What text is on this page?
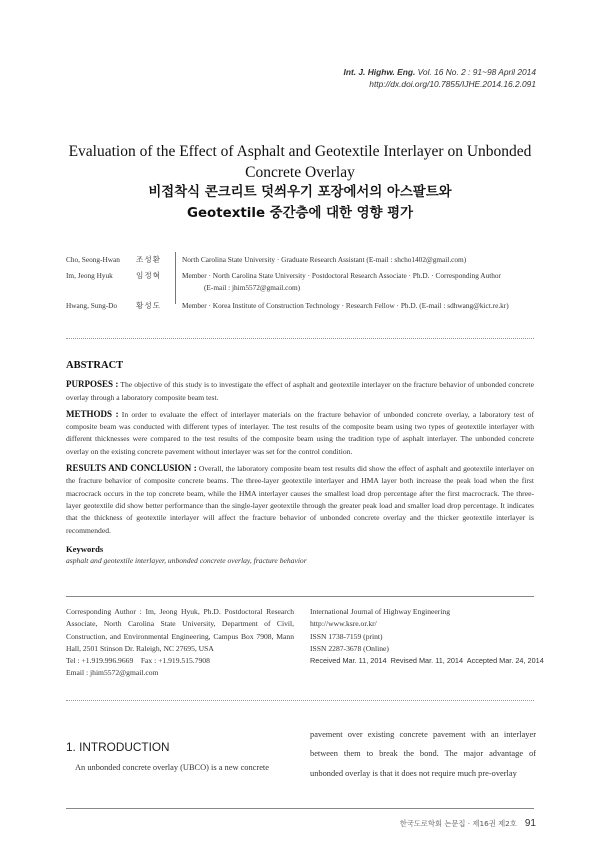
Int. J. Highw. Eng. Vol. 16 No. 2 : 91~98 April 2014
http://dx.doi.org/10.7855/IJHE.2014.16.2.091
Evaluation of the Effect of Asphalt and Geotextile Interlayer on Unbonded Concrete Overlay
비접착식 콘크리트 덧씌우기 포장에서의 아스팔트와
Geotextile 중간층에 대한 영향 평가
Cho, Seong-Hwan	조성환	North Carolina State University · Graduate Research Assistant (E-mail : shcho1402@gmail.com)
Im, Jeong Hyuk	임정혁	Member · North Carolina State University · Postdoctoral Research Associate · Ph.D. · Corresponding Author
(E-mail : jhim5572@gmail.com)
Hwang, Sung-Do	황성도	Member · Korea Institute of Construction Technology · Research Fellow · Ph.D. (E-mail : sdhwang@kict.re.kr)
ABSTRACT

PURPOSES : The objective of this study is to investigate the effect of asphalt and geotextile interlayer on the fracture behavior of unbonded concrete overlay through a laboratory composite beam test.

METHODS : In order to evaluate the effect of interlayer materials on the fracture behavior of unbonded concrete overlay, a laboratory test of composite beam was conducted with different types of interlayer. The test results of the composite beam using two types of geotextile interlayer with different thicknesses were compared to the test results of the composite beam using the tradition type of asphalt interlayer. The unbonded concrete overlay on the existing concrete pavement without interlayer was set for the control condition.

RESULTS AND CONCLUSION : Overall, the laboratory composite beam test results did show the effect of asphalt and geotextile interlayer on the fracture behavior of composite concrete beams. The three-layer geotextile interlayer and HMA layer both increase the peak load when the first macrocrack occurs in the top concrete beam, while the HMA interlayer causes the smallest load drop percentage after the first macrocrack. The three-layer geotextile did show better performance than the single-layer geotextile through the greater peak load and smaller load drop percentage. It indicates that the thickness of geotextile interlayer will affect the fracture behavior of unbonded concrete overlay and the thicker geotextile interlayer is recommended.

Keywords

asphalt and geotextile interlayer, unbonded concrete overlay, fracture behavior

Corresponding Author : Im, Jeong Hyuk, Ph.D. Postdoctoral Research Associate, North Carolina State University, Department of Civil, Construction, and Environmental Engineering, Campus Box 7908, Mann Hall, 2501 Stinson Dr. Raleigh, NC 27695, USA
Tel : +1.919.996.9669    Fax : +1.919.515.7908
Email : jhim5572@gmail.com
International Journal of Highway Engineering
http://www.ksre.or.kr/
ISSN 1738-7159 (print)
ISSN 2287-3678 (Online)
Received Mar. 11, 2014  Revised Mar. 11, 2014  Accepted Mar. 24, 2014
1. INTRODUCTION

An unbonded concrete overlay (UBCO) is a new concrete

pavement over existing concrete pavement with an interlayer between them to break the bond. The major advantage of unbonded overlay is that it does not require much pre-overlay

한국도로학회 논문집 · 제16권 제2호 91
